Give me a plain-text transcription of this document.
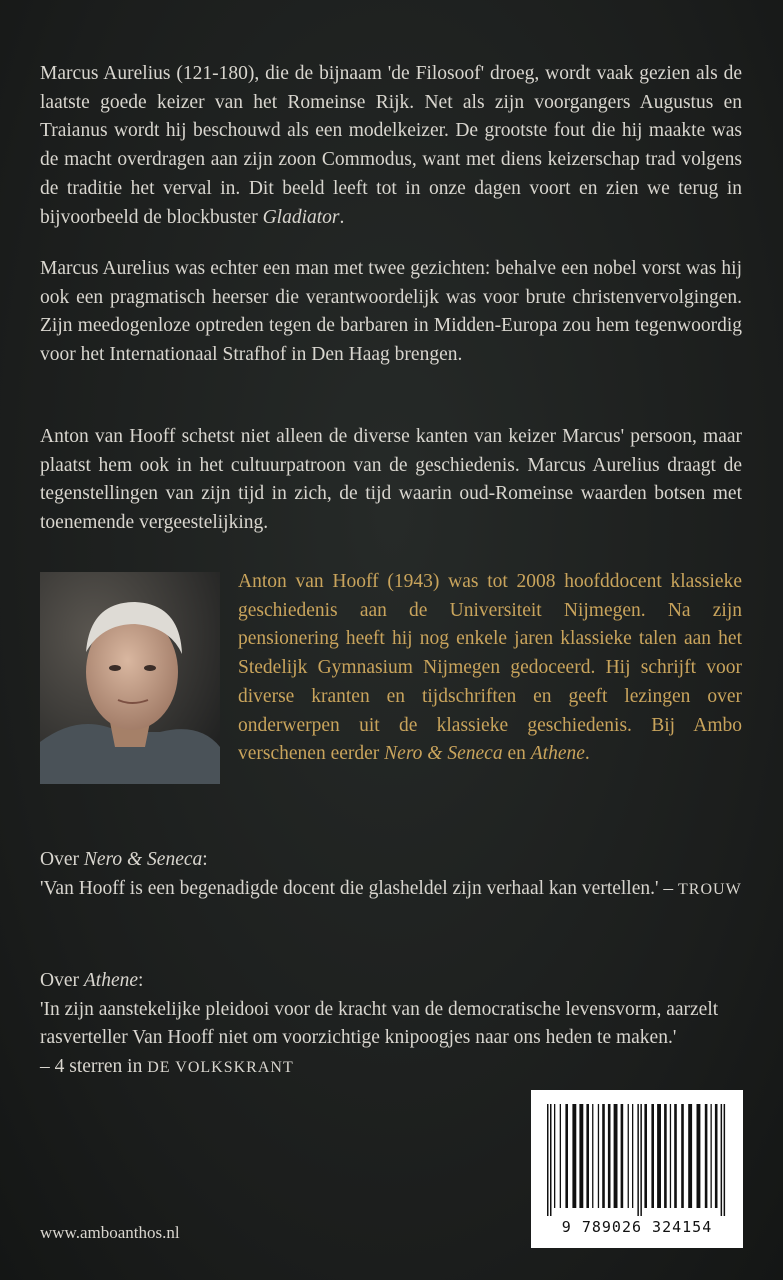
Marcus Aurelius (121-180), die de bijnaam 'de Filosoof' droeg, wordt vaak gezien als de laatste goede keizer van het Romeinse Rijk. Net als zijn voorgangers Augustus en Traianus wordt hij beschouwd als een modelkeizer. De grootste fout die hij maakte was de macht overdragen aan zijn zoon Commodus, want met diens keizerschap trad volgens de traditie het verval in. Dit beeld leeft tot in onze dagen voort en zien we terug in bijvoorbeeld de blockbuster Gladiator.

Marcus Aurelius was echter een man met twee gezichten: behalve een nobel vorst was hij ook een pragmatisch heerser die verantwoordelijk was voor brute christenvervolgingen. Zijn meedogenloze optreden tegen de barbaren in Midden-Europa zou hem tegenwoordig voor het Internationaal Strafhof in Den Haag brengen.

Anton van Hooff schetst niet alleen de diverse kanten van keizer Marcus' persoon, maar plaatst hem ook in het cultuurpatroon van de geschiedenis. Marcus Aurelius draagt de tegenstellingen van zijn tijd in zich, de tijd waarin oud-Romeinse waarden botsen met toenemende vergeestelijking.

Anton van Hooff (1943) was tot 2008 hoofddocent klassieke geschiedenis aan de Universiteit Nijmegen. Na zijn pensionering heeft hij nog enkele jaren klassieke talen aan het Stedelijk Gymnasium Nijmegen gedoceerd. Hij schrijft voor diverse kranten en tijdschriften en geeft lezingen over onderwerpen uit de klassieke geschiedenis. Bij Ambo verschenen eerder Nero & Seneca en Athene.

Over Nero & Seneca:
'Van Hooff is een begenadigde docent die glasheldel zijn verhaal kan vertellen.' – TROUW
Over Athene:
'In zijn aanstekelijke pleidooi voor de kracht van de democratische levensvorm, aarzelt rasverteller Van Hooff niet om voorzichtige knipoogjes naar ons heden te maken.'
– 4 sterren in DE VOLKSKRANT
www.amboanthos.nl	9 789026 324154
